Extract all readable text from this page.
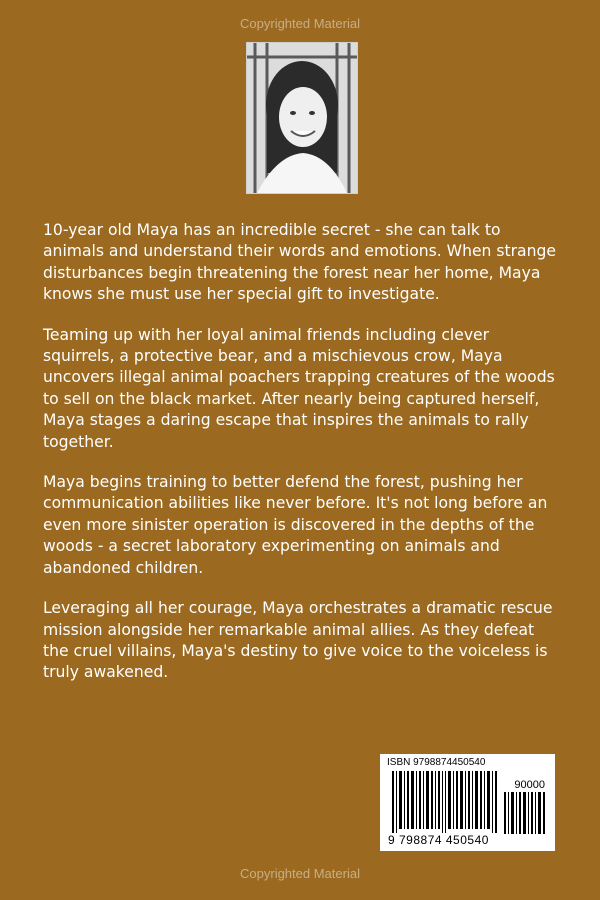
Copyrighted Material

10-year old Maya has an incredible secret - she can talk to animals and understand their words and emotions. When strange disturbances begin threatening the forest near her home, Maya knows she must use her special gift to investigate.

Teaming up with her loyal animal friends including clever squirrels, a protective bear, and a mischievous crow, Maya uncovers illegal animal poachers trapping creatures of the woods to sell on the black market. After nearly being captured herself, Maya stages a daring escape that inspires the animals to rally together.

Maya begins training to better defend the forest, pushing her communication abilities like never before. It's not long before an even more sinister operation is discovered in the depths of the woods - a secret laboratory experimenting on animals and abandoned children.

Leveraging all her courage, Maya orchestrates a dramatic rescue mission alongside her remarkable animal allies. As they defeat the cruel villains, Maya's destiny to give voice to the voiceless is truly awakened.

ISBN 9798874450540
90000
9 798874 450540
Copyrighted Material
